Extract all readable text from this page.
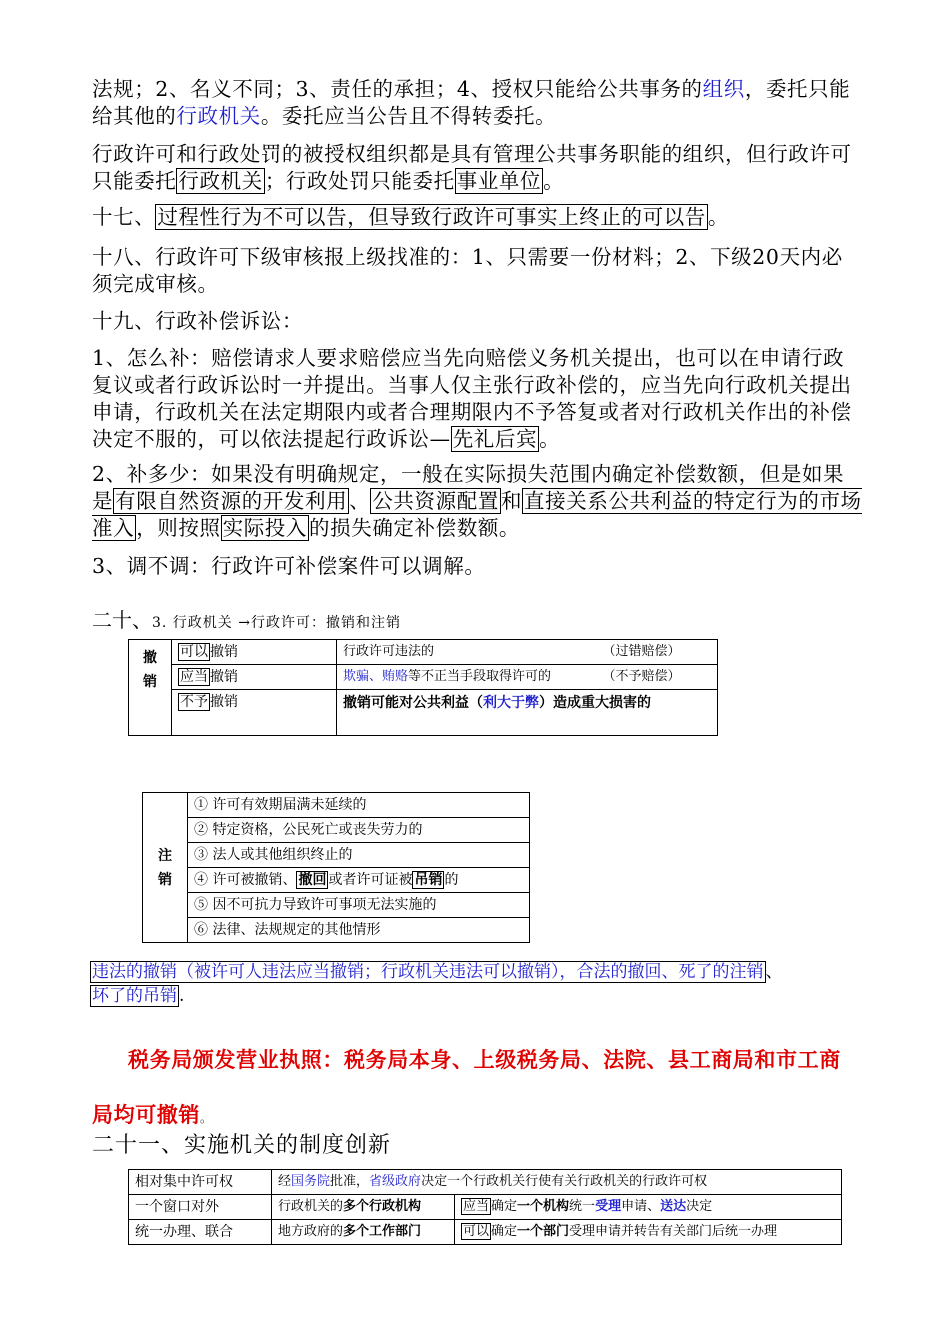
法规；2、名义不同；3、责任的承担；4、授权只能给公共事务的组织，委托只能给其他的行政机关。委托应当公告且不得转委托。

行政许可和行政处罚的被授权组织都是具有管理公共事务职能的组织，但行政许可只能委托行政机关；行政处罚只能委托事业单位。

十七、过程性行为不可以告，但导致行政许可事实上终止的可以告。

十八、行政许可下级审核报上级找准的：1、只需要一份材料；2、下级20天内必须完成审核。

十九、行政补偿诉讼：

1、怎么补：赔偿请求人要求赔偿应当先向赔偿义务机关提出，也可以在申请行政复议或者行政诉讼时一并提出。当事人仅主张行政补偿的，应当先向行政机关提出申请，行政机关在法定期限内或者合理期限内不予答复或者对行政机关作出的补偿决定不服的，可以依法提起行政诉讼—先礼后宾。

2、补多少：如果没有明确规定，一般在实际损失范围内确定补偿数额，但是如果是有限自然资源的开发利用、公共资源配置和直接关系公共利益的特定行为的市场准入，则按照实际投入的损失确定补偿数额。

3、调不调：行政许可补偿案件可以调解。

二十、3. 行政机关 →行政许可：撤销和注销
撤销	可以 撤销	行政许可违法的 （过错赔偿）

	应当 撤销	欺骗、贿赂等不正当手段取得许可的 （不予赔偿）

	不予 撤销	撤销可能对公共利益（利大于弊）造成重大损害的
注销	① 许可有效期届满未延续的
② 特定资格，公民死亡或丧失劳力的
③ 法人或其他组织终止的
④ 许可被撤销、 撤回 或者许可证被 吊销 的
⑤ 因不可抗力导致许可事项无法实施的
⑥ 法律、法规规定的其他情形
违法的撤销（被许可人违法应当撤销；行政机关违法可以撤销），合法的撤回、死了的注销 、
坏了的吊销 .

税务局颁发营业执照：税务局本身、上级税务局、法院、县工商局和市工商局均可撤销。

二十一、实施机关的制度创新
相对集中许可权	经国务院批准，省级政府决定一个行政机关行使有关行政机关的行政许可权	
一个窗口对外	行政机关的多个行政机构	应当 确定一个机构统一受理申请、送达决定
统一办理、联合	地方政府的多个工作部门	可以 确定一个部门受理申请并转告有关部门后统一办理
